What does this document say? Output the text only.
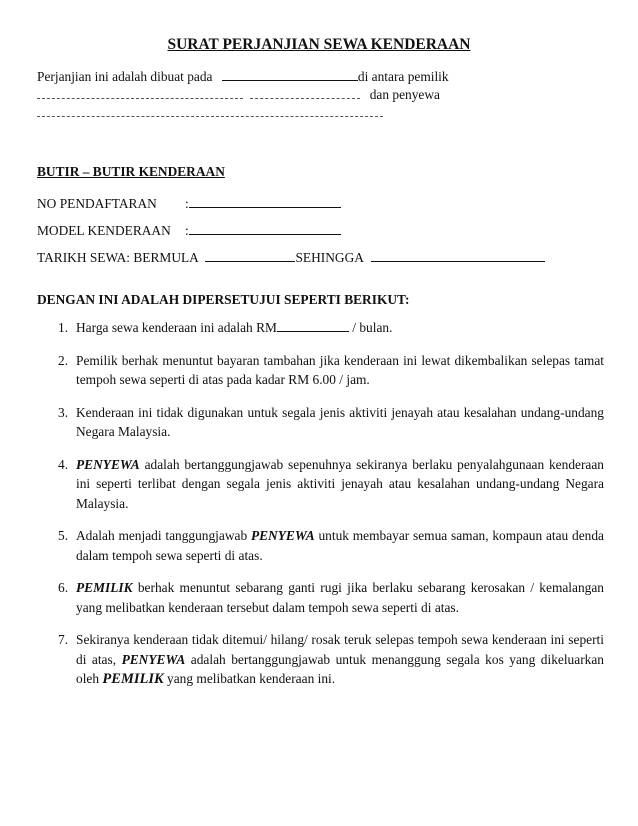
SURAT PERJANJIAN SEWA KENDERAAN
Perjanjian ini adalah dibuat pada	di antara pemilik
dan penyewa
BUTIR – BUTIR KENDERAAN
NO PENDAFTARAN :
MODEL KENDERAAN :
TARIKH SEWA: BERMULA	SEHINGGA
DENGAN INI ADALAH DIPERSETUJUI SEPERTI BERIKUT:
1. Harga sewa kenderaan ini adalah RM	/ bulan.
2. Pemilik berhak menuntut bayaran tambahan jika kenderaan ini lewat dikembalikan selepas tamat tempoh sewa seperti di atas pada kadar RM 6.00 / jam.
3. Kenderaan ini tidak digunakan untuk segala jenis aktiviti jenayah atau kesalahan undang-undang Negara Malaysia.
4. PENYEWA adalah bertanggungjawab sepenuhnya sekiranya berlaku penyalahgunaan kenderaan ini seperti terlibat dengan segala jenis aktiviti jenayah atau kesalahan undang-undang Negara Malaysia.
5. Adalah menjadi tanggungjawab PENYEWA untuk membayar semua saman, kompaun atau denda dalam tempoh sewa seperti di atas.
6. PEMILIK berhak menuntut sebarang ganti rugi jika berlaku sebarang kerosakan / kemalangan yang melibatkan kenderaan tersebut dalam tempoh sewa seperti di atas.
7. Sekiranya kenderaan tidak ditemui/ hilang/ rosak teruk selepas tempoh sewa kenderaan ini seperti di atas, PENYEWA adalah bertanggungjawab untuk menanggung segala kos yang dikeluarkan oleh PEMILIK yang melibatkan kenderaan ini.
